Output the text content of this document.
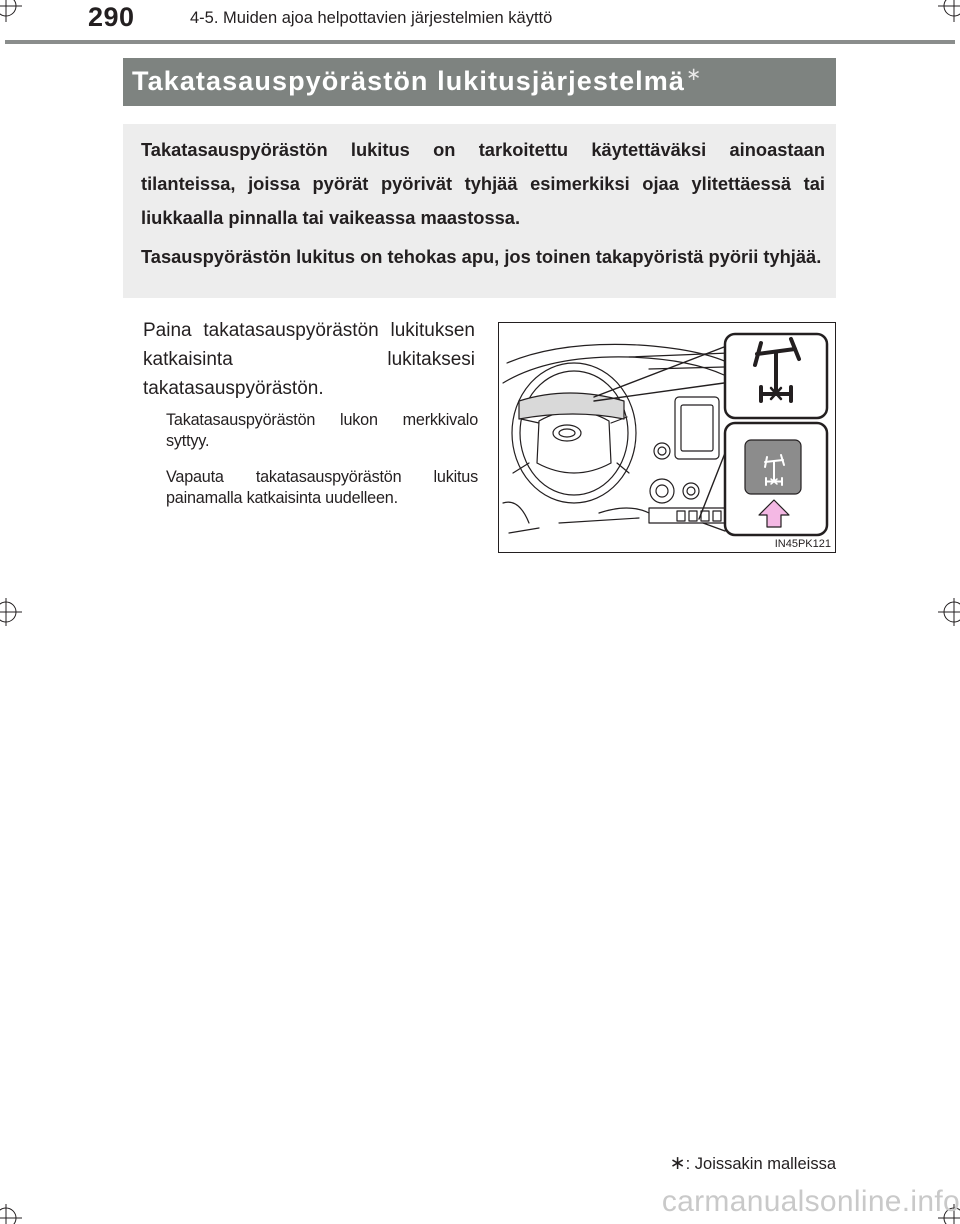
290	4-5. Muiden ajoa helpottavien järjestelmien käyttö
Takatasauspyörästön lukitusjärjestelmä∗

Takatasauspyörästön lukitus on tarkoitettu käytettäväksi ainoastaan tilanteissa, joissa pyörät pyörivät tyhjää esimerkiksi ojaa ylitettäessä tai liukkaalla pinnalla tai vaikeassa maastossa.

Tasauspyörästön lukitus on tehokas apu, jos toinen takapyöristä pyörii tyhjää.

Paina takatasauspyörästön lukituksen katkaisinta lukitaksesi takatasauspyörästön.
Takatasauspyörästön lukon merkkivalo syttyy.
Vapauta takatasauspyörästön lukitus painamalla katkaisinta uudelleen.
IN45PK121
∗: Joissakin malleissa
carmanualsonline.info
